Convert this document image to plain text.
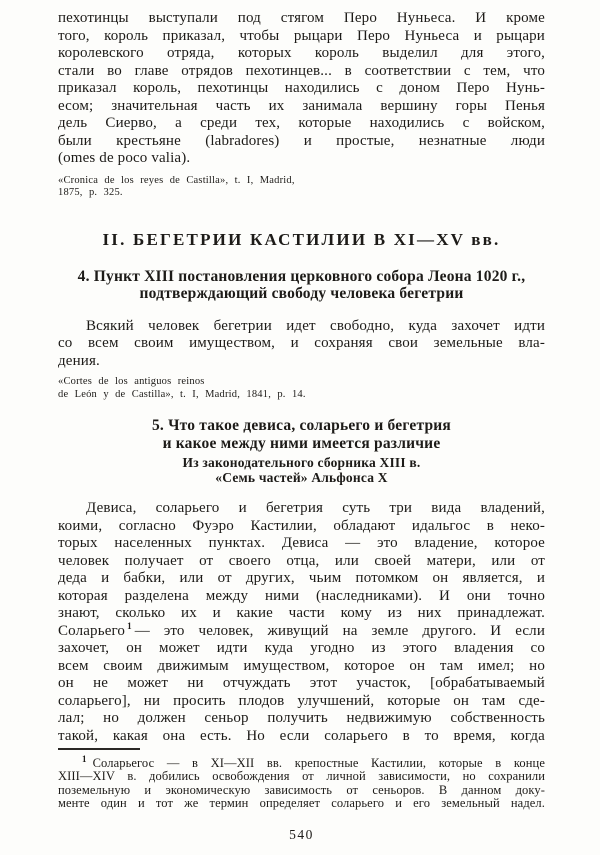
пехотинцы выступали под стягом Перо Нуньеса. И кроме
того, король приказал, чтобы рыцари Перо Нуньеса и рыцари
королевского отряда, которых король выделил для этого,
стали во главе отрядов пехотинцев... в соответствии с тем, что
приказал король, пехотинцы находились с доном Перо Нунь-
есом; значительная часть их занимала вершину горы Пенья
дель Сиерво, а среди тех, которые находились с войском,
были крестьяне (labradores) и простые, незнатные люди
(omes de poco valia).
«Cronica de los reyes de Castilla», t. I, Madrid,
1875, p. 325.
II. БЕГЕТРИИ КАСТИЛИИ В XI—XV вв.
4. Пункт XIII постановления церковного собора Леона 1020 г.,
подтверждающий свободу человека бегетрии
Всякий человек бегетрии идет свободно, куда захочет идти
со всем своим имуществом, и сохраняя свои земельные вла-
дения.
«Cortes de los antiguos reinos
de León y de Castilla», t. I, Madrid, 1841, p. 14.
5. Что такое девиса, соларьего и бегетрия
и какое между ними имеется различие
Из законодательного сборника XIII в.
«Семь частей» Альфонса X
Девиса, соларьего и бегетрия суть три вида владений,
коими, согласно Фуэро Кастилии, обладают идальгос в неко-
торых населенных пунктах. Девиса — это владение, которое
человек получает от своего отца, или своей матери, или от
деда и бабки, или от других, чьим потомком он является, и
которая разделена между ними (наследниками). И они точно
знают, сколько их и какие части кому из них принадлежат.
Соларьего $^1$ — это человек, живущий на земле другого. И если
захочет, он может идти куда угодно из этого владения со
всем своим движимым имуществом, которое он там имел; но
он не может ни отчуждать этот участок, [обрабатываемый
соларьего], ни просить плодов улучшений, которые он там сде-
лал; но должен сеньор получить недвижимую собственность
такой, какая она есть. Но если соларьего в то время, когда
$^1$ Соларьегос — в XI—XII вв. крепостные Кастилии, которые в конце
XIII—XIV в. добились освобождения от личной зависимости, но сохранили
поземельную и экономическую зависимость от сеньоров. В данном доку-
менте один и тот же термин определяет соларьего и его земельный надел.
540
